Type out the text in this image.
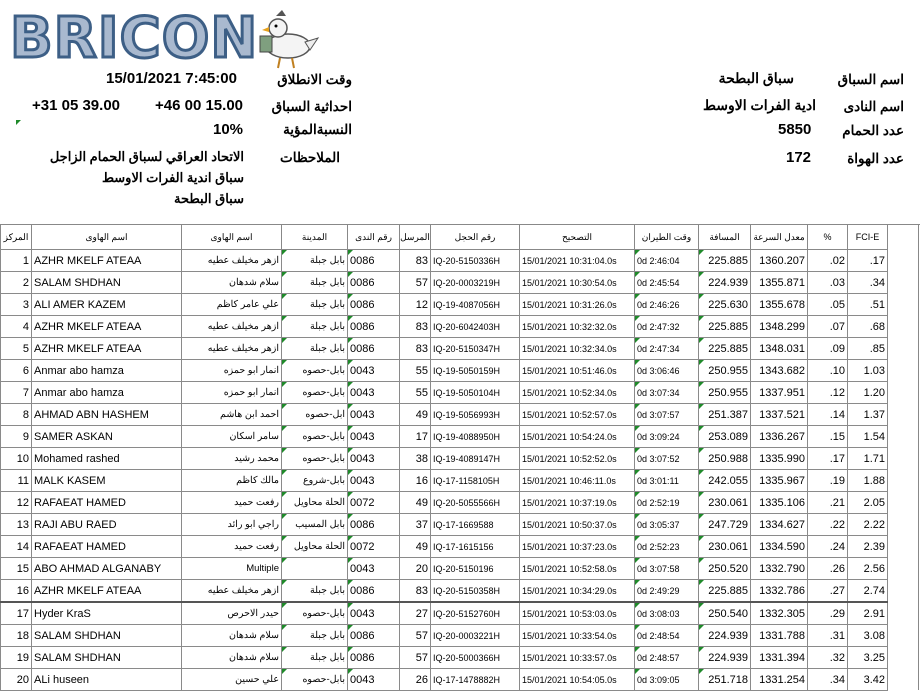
BRICON
اسم السباق
سباق البطحة
اسم النادى
ادية الفرات الاوسط
عدد الحمام
5850
عدد الهواة
172
وقت الانطلاق
15/01/2021 7:45:00
احداثية السباق
+31 05 39.00 +46 00 15.00
النسبةالمؤية
10%
الملاحظات
الاتحاد العراقي لسباق الحمام الزاجل
سباق اندية الفرات الاوسط
سباق البطحة
المركز	اسم الهاوى	اسم الهاوى	المدينة	رقم الندى	المرسل	رقم الحجل	التصحيح	وقت الطيران	المسافة	معدل السرعة	%	FCI-E
1	AZHR MKELF ATEAA	ازهر مخيلف عطيه	بابل جبلة	0086	83	IQ-20-5150336H	15/01/2021 10:31:04.0s	0d 2:46:04	225.885	1360.207	.02	.17
2	SALAM SHDHAN	سلام شدهان	بابل جبلة	0086	57	IQ-20-0003219H	15/01/2021 10:30:54.0s	0d 2:45:54	224.939	1355.871	.03	.34
3	ALI AMER KAZEM	علي عامر كاظم	بابل جبلة	0086	12	IQ-19-4087056H	15/01/2021 10:31:26.0s	0d 2:46:26	225.630	1355.678	.05	.51
4	AZHR MKELF ATEAA	ازهر مخيلف عطيه	بابل جبلة	0086	83	IQ-20-6042403H	15/01/2021 10:32:32.0s	0d 2:47:32	225.885	1348.299	.07	.68
5	AZHR MKELF ATEAA	ازهر مخيلف عطيه	بابل جبلة	0086	83	IQ-20-5150347H	15/01/2021 10:32:34.0s	0d 2:47:34	225.885	1348.031	.09	.85
6	Anmar abo hamza	انمار ابو حمزه	بابل-حصوه	0043	55	IQ-19-5050159H	15/01/2021 10:51:46.0s	0d 3:06:46	250.955	1343.682	.10	1.03
7	Anmar abo hamza	انمار ابو حمزه	بابل-حصوه	0043	55	IQ-19-5050104H	15/01/2021 10:52:34.0s	0d 3:07:34	250.955	1337.951	.12	1.20
8	AHMAD ABN HASHEM	احمد ابن هاشم	ابل-حصوه	0043	49	IQ-19-5056993H	15/01/2021 10:52:57.0s	0d 3:07:57	251.387	1337.521	.14	1.37
9	SAMER ASKAN	سامر اسكان	بابل-حصوه	0043	17	IQ-19-4088950H	15/01/2021 10:54:24.0s	0d 3:09:24	253.089	1336.267	.15	1.54
10	Mohamed rashed	محمد رشيد	بابل-حصوه	0043	38	IQ-19-4089147H	15/01/2021 10:52:52.0s	0d 3:07:52	250.988	1335.990	.17	1.71
11	MALK KASEM	مالك كاظم	بابل-شروع	0043	16	IQ-17-1158105H	15/01/2021 10:46:11.0s	0d 3:01:11	242.055	1335.967	.19	1.88
12	RAFAEAT HAMED	رفعت حميد	الحلة محاويل	0072	49	IQ-20-5055566H	15/01/2021 10:37:19.0s	0d 2:52:19	230.061	1335.106	.21	2.05
13	RAJI ABU RAED	راجي ابو رائد	بابل المسيب	0086	37	IQ-17-1669588	15/01/2021 10:50:37.0s	0d 3:05:37	247.729	1334.627	.22	2.22
14	RAFAEAT HAMED	رفعت حميد	الحلة محاويل	0072	49	IQ-17-1615156	15/01/2021 10:37:23.0s	0d 2:52:23	230.061	1334.590	.24	2.39
15	ABO AHMAD ALGANABY	Multiple		0043	20	IQ-20-5150196	15/01/2021 10:52:58.0s	0d 3:07:58	250.520	1332.790	.26	2.56
16	AZHR MKELF ATEAA	ازهر مخيلف عطيه	بابل جبلة	0086	83	IQ-20-5150358H	15/01/2021 10:34:29.0s	0d 2:49:29	225.885	1332.786	.27	2.74
17	Hyder KraS	حيدر الاحرص	بابل-حصوه	0043	27	IQ-20-5152760H	15/01/2021 10:53:03.0s	0d 3:08:03	250.540	1332.305	.29	2.91
18	SALAM SHDHAN	سلام شدهان	بابل جبلة	0086	57	IQ-20-0003221H	15/01/2021 10:33:54.0s	0d 2:48:54	224.939	1331.788	.31	3.08
19	SALAM SHDHAN	سلام شدهان	بابل جبلة	0086	57	IQ-20-5000366H	15/01/2021 10:33:57.0s	0d 2:48:57	224.939	1331.394	.32	3.25
20	ALi huseen	علي حسين	بابل-حصوه	0043	26	IQ-17-1478882H	15/01/2021 10:54:05.0s	0d 3:09:05	251.718	1331.254	.34	3.42
